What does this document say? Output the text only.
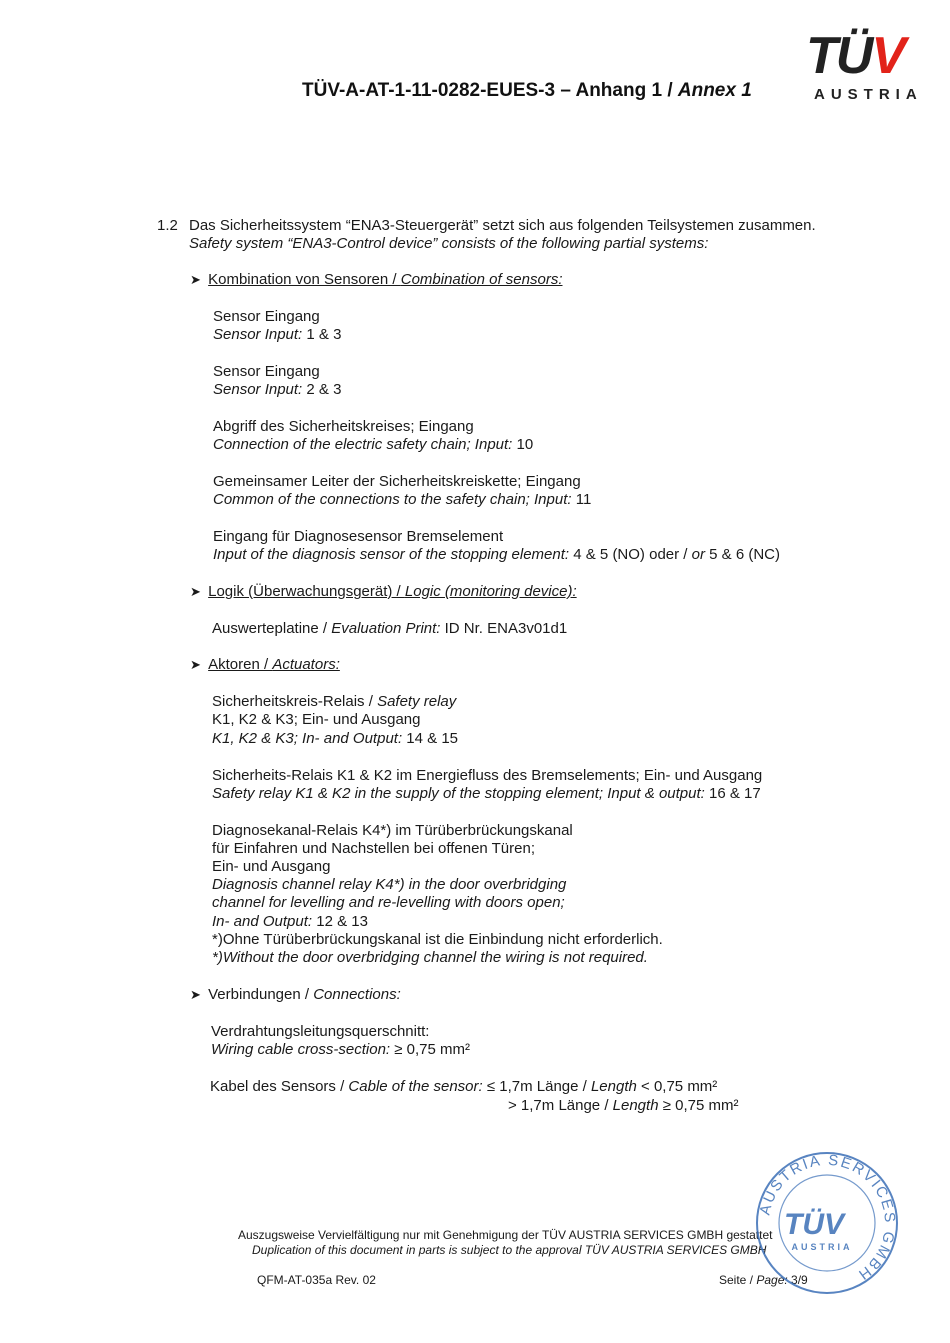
TÜV-A-AT-1-11-0282-EUES-3 – Anhang 1 / Annex 1
TÜV
AUSTRIA
1.2 Das Sicherheitssystem “ENA3-Steuergerät” setzt sich aus folgenden Teilsystemen zusammen.
Safety system “ENA3-Control device” consists of the following partial systems:
➤  Kombination von Sensoren / Combination of sensors:
Sensor Eingang
Sensor Input: 1 & 3
Sensor Eingang
Sensor Input: 2 & 3
Abgriff des Sicherheitskreises; Eingang
Connection of the electric safety chain; Input: 10
Gemeinsamer Leiter der Sicherheitskreiskette; Eingang
Common of the connections to the safety chain; Input: 11
Eingang für Diagnosesensor Bremselement
Input of the diagnosis sensor of the stopping element: 4 & 5 (NO) oder / or 5 & 6 (NC)
➤  Logik (Überwachungsgerät) / Logic (monitoring device):
Auswerteplatine / Evaluation Print: ID Nr. ENA3v01d1
➤  Aktoren / Actuators:
Sicherheitskreis-Relais / Safety relay
K1, K2 & K3; Ein- und Ausgang
K1, K2 & K3; In- and Output: 14 & 15
Sicherheits-Relais K1 & K2 im Energiefluss des Bremselements; Ein- und Ausgang
Safety relay K1 & K2 in the supply of the stopping element; Input & output: 16 & 17
Diagnosekanal-Relais K4*) im Türüberbrückungskanal
für Einfahren und Nachstellen bei offenen Türen;
Ein- und Ausgang
Diagnosis channel relay K4*) in the door overbridging
channel for levelling and re-levelling with doors open;
In- and Output: 12 & 13
*)Ohne Türüberbrückungskanal ist die Einbindung nicht erforderlich.
*)Without the door overbridging channel the wiring is not required.
➤  Verbindungen / Connections:
Verdrahtungsleitungsquerschnitt:
Wiring cable cross-section: ≥ 0,75 mm²
Kabel des Sensors / Cable of the sensor: ≤ 1,7m Länge / Length < 0,75 mm²
> 1,7m Länge / Length ≥ 0,75 mm²
Auszugsweise Vervielfältigung nur mit Genehmigung der TÜV AUSTRIA SERVICES GMBH gestattet
Duplication of this document in parts is subject to the approval TÜV AUSTRIA SERVICES GMBH
QFM-AT-035a Rev. 02	Seite / Page: 3/9
AUSTRIA SERVICES GMBH
TÜV
AUSTRIA
